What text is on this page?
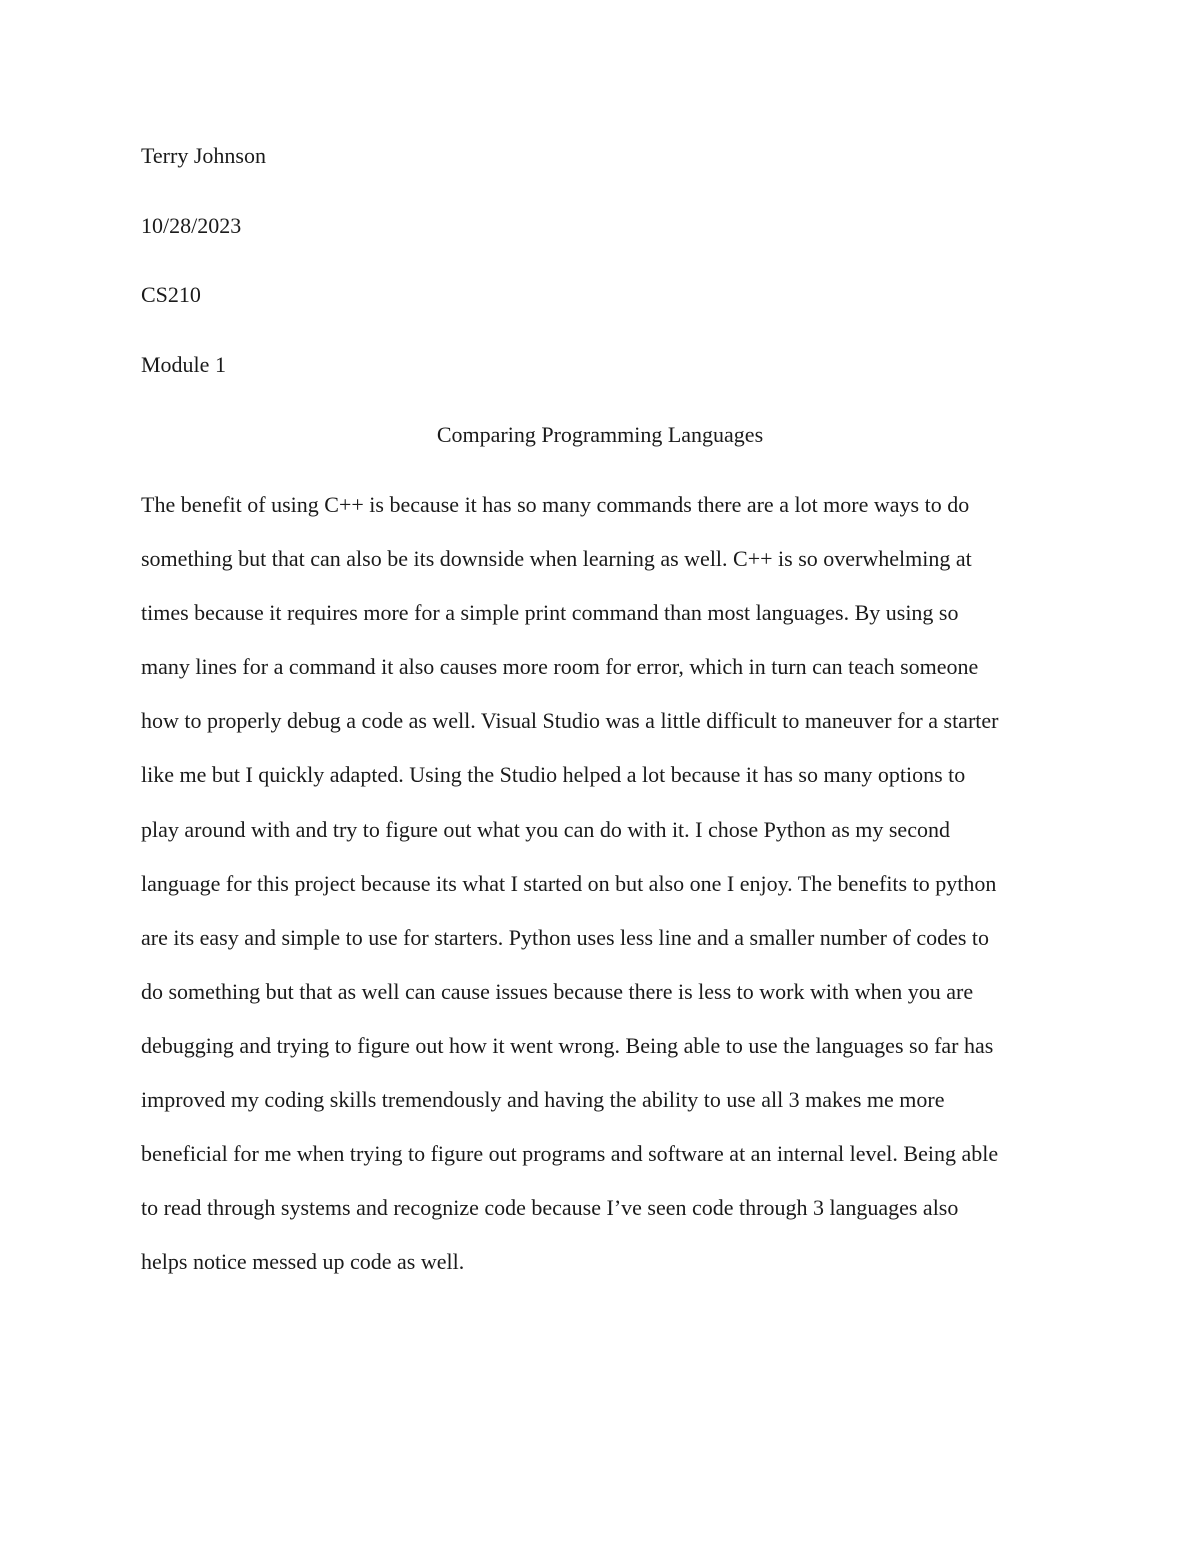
Terry Johnson
10/28/2023
CS210
Module 1
Comparing Programming Languages
The benefit of using C++ is because it has so many commands there are a lot more ways to do
something but that can also be its downside when learning as well. C++ is so overwhelming at
times because it requires more for a simple print command than most languages. By using so
many lines for a command it also causes more room for error, which in turn can teach someone
how to properly debug a code as well. Visual Studio was a little difficult to maneuver for a starter
like me but I quickly adapted. Using the Studio helped a lot because it has so many options to
play around with and try to figure out what you can do with it. I chose Python as my second
language for this project because its what I started on but also one I enjoy. The benefits to python
are its easy and simple to use for starters. Python uses less line and a smaller number of codes to
do something but that as well can cause issues because there is less to work with when you are
debugging and trying to figure out how it went wrong. Being able to use the languages so far has
improved my coding skills tremendously and having the ability to use all 3 makes me more
beneficial for me when trying to figure out programs and software at an internal level. Being able
to read through systems and recognize code because I’ve seen code through 3 languages also
helps notice messed up code as well.
